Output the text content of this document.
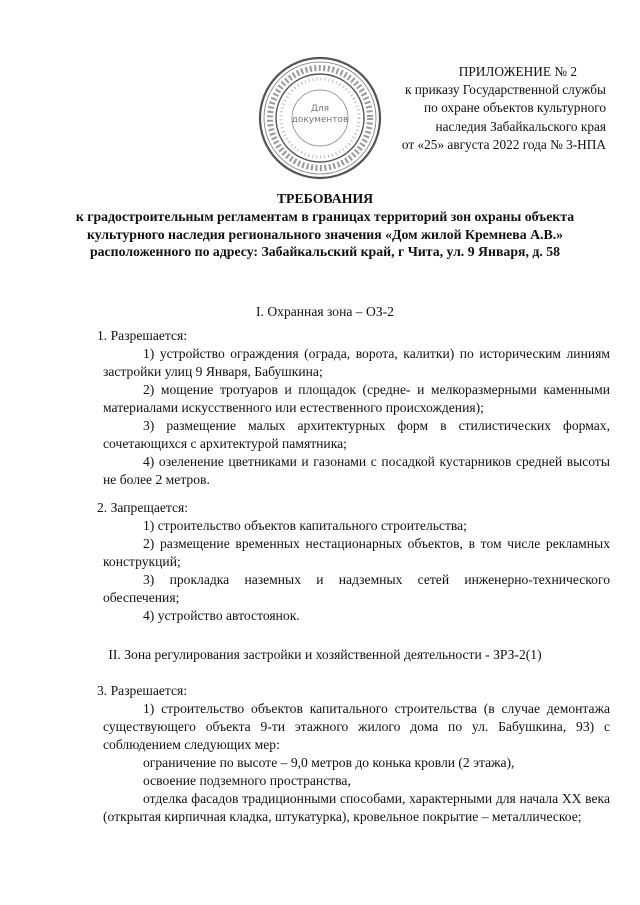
Для
документов
ПРИЛОЖЕНИЕ № 2
к приказу Государственной службы
по охране объектов культурного
наследия Забайкальского края
от «25» августа 2022 года № 3-НПА
ТРЕБОВАНИЯ
к градостроительным регламентам в границах территорий зон охраны объекта культурного наследия регионального значения «Дом жилой Кремнева А.В.» расположенного по адресу: Забайкальский край, г Чита, ул. 9 Января, д. 58
I. Охранная зона – ОЗ-2
1. Разрешается:
1) устройство ограждения (ограда, ворота, калитки) по историческим линиям застройки улиц 9 Января, Бабушкина;
2) мощение тротуаров и площадок (средне- и мелкоразмерными каменными материалами искусственного или естественного происхождения);
3) размещение малых архитектурных форм в стилистических формах, сочетающихся с архитектурой памятника;
4) озеленение цветниками и газонами с посадкой кустарников средней высоты не более 2 метров.
2. Запрещается:
1) строительство объектов капитального строительства;
2) размещение временных нестационарных объектов, в том числе рекламных конструкций;
3) прокладка наземных и надземных сетей инженерно-технического обеспечения;
4) устройство автостоянок.
II. Зона регулирования застройки и хозяйственной деятельности - ЗРЗ-2(1)
3. Разрешается:
1) строительство объектов капитального строительства (в случае демонтажа существующего объекта 9-ти этажного жилого дома по ул. Бабушкина, 93) с соблюдением следующих мер:
ограничение по высоте – 9,0 метров до конька кровли (2 этажа),
освоение подземного пространства,
отделка фасадов традиционными способами, характерными для начала XX века (открытая кирпичная кладка, штукатурка), кровельное покрытие – металлическое;
